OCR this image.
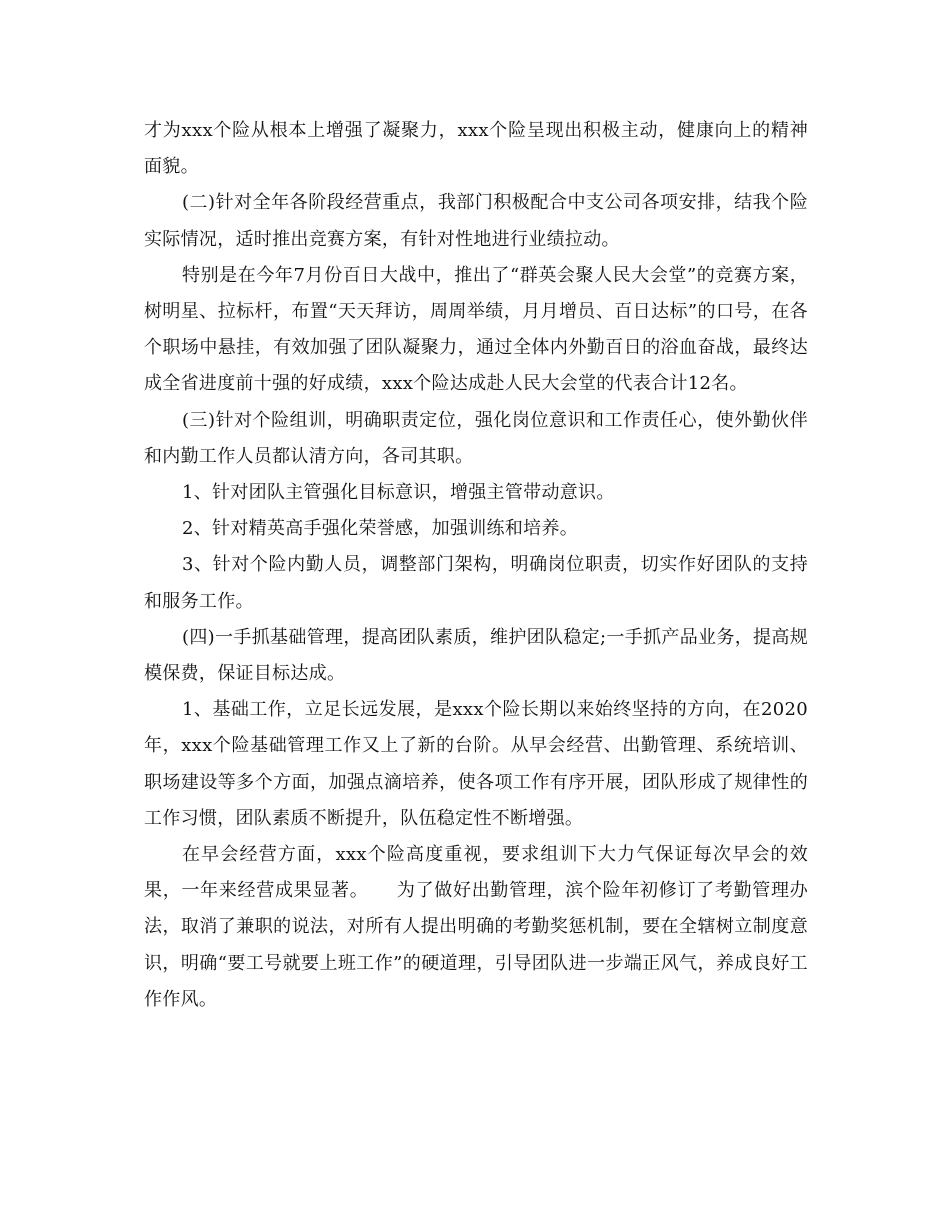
才为xxx个险从根本上增强了凝聚力，xxx个险呈现出积极主动，健康向上的精神面貌。

(二)针对全年各阶段经营重点，我部门积极配合中支公司各项安排，结我个险实际情况，适时推出竞赛方案，有针对性地进行业绩拉动。

特别是在今年7月份百日大战中，推出了“群英会聚人民大会堂”的竞赛方案，树明星、拉标杆，布置“天天拜访，周周举绩，月月增员、百日达标”的口号，在各个职场中悬挂，有效加强了团队凝聚力，通过全体内外勤百日的浴血奋战，最终达成全省进度前十强的好成绩，xxx个险达成赴人民大会堂的代表合计12名。

(三)针对个险组训，明确职责定位，强化岗位意识和工作责任心，使外勤伙伴和内勤工作人员都认清方向，各司其职。

1、针对团队主管强化目标意识，增强主管带动意识。

2、针对精英高手强化荣誉感，加强训练和培养。

3、针对个险内勤人员，调整部门架构，明确岗位职责，切实作好团队的支持和服务工作。

(四)一手抓基础管理，提高团队素质，维护团队稳定;一手抓产品业务，提高规模保费，保证目标达成。

1、基础工作，立足长远发展，是xxx个险长期以来始终坚持的方向，在2020年，xxx个险基础管理工作又上了新的台阶。从早会经营、出勤管理、系统培训、职场建设等多个方面，加强点滴培养，使各项工作有序开展，团队形成了规律性的工作习惯，团队素质不断提升，队伍稳定性不断增强。

在早会经营方面，xxx个险高度重视，要求组训下大力气保证每次早会的效果，一年来经营成果显著。　　为了做好出勤管理，滨个险年初修订了考勤管理办法，取消了兼职的说法，对所有人提出明确的考勤奖惩机制，要在全辖树立制度意识，明确“要工号就要上班工作”的硬道理，引导团队进一步端正风气，养成良好工作作风。
